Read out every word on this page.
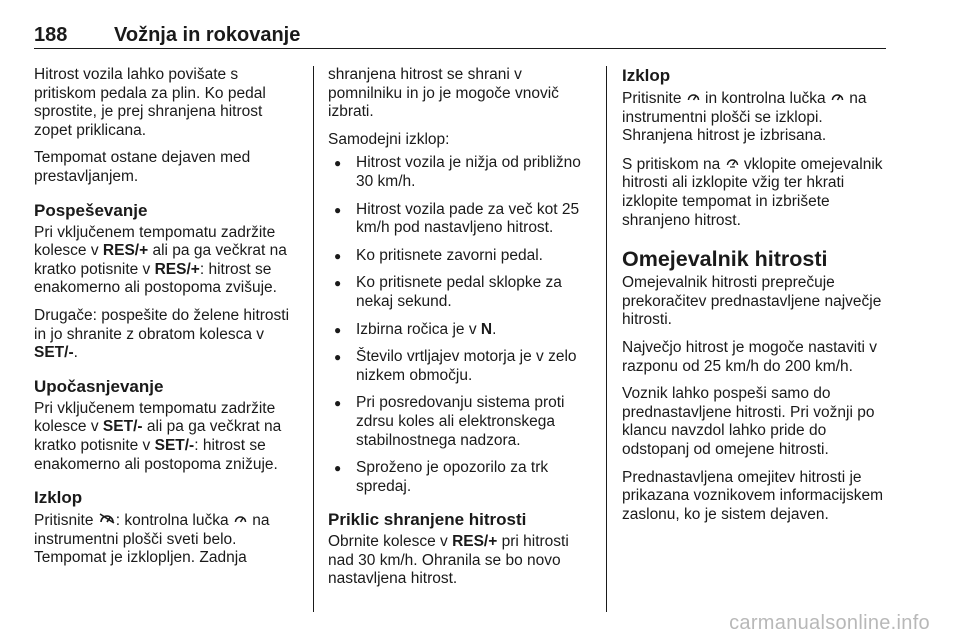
188 Vožnja in rokovanje

Hitrost vozila lahko povišate s pritiskom pedala za plin. Ko pedal sprostite, je prej shranjena hitrost zopet priklicana.

Tempomat ostane dejaven med prestavljanjem.

Pospeševanje

Pri vključenem tempomatu zadržite kolesce v RES/+ ali pa ga večkrat na kratko potisnite v RES/+: hitrost se enakomerno ali postopoma zvišuje.

Drugače: pospešite do želene hitrosti in jo shranite z obratom kolesca v SET/-.

Upočasnjevanje

Pri vključenem tempomatu zadržite kolesce v SET/- ali pa ga večkrat na kratko potisnite v SET/-: hitrost se enakomerno ali postopoma znižuje.

Izklop

Pritisnite : kontrolna lučka  na instrumentni plošči sveti belo. Tempomat je izklopljen. Zadnja

shranjena hitrost se shrani v pomnilniku in jo je mogoče vnovič izbrati.

Samodejni izklop:

● Hitrost vozila je nižja od približno 30 km/h.
● Hitrost vozila pade za več kot 25 km/h pod nastavljeno hitrost.
● Ko pritisnete zavorni pedal.
● Ko pritisnete pedal sklopke za nekaj sekund.
● Izbirna ročica je v N.
● Število vrtljajev motorja je v zelo nizkem območju.
● Pri posredovanju sistema proti zdrsu koles ali elektronskega stabilnostnega nadzora.
● Sproženo je opozorilo za trk spredaj.
Priklic shranjene hitrosti

Obrnite kolesce v RES/+ pri hitrosti nad 30 km/h. Ohranila se bo novo nastavljena hitrost.

Izklop

Pritisnite  in kontrolna lučka  na instrumentni plošči se izklopi. Shranjena hitrost je izbrisana.

S pritiskom na  vklopite omejevalnik hitrosti ali izklopite vžig ter hkrati izklopite tempomat in izbrišete shranjeno hitrost.

Omejevalnik hitrosti

Omejevalnik hitrosti preprečuje prekoračitev prednastavljene največje hitrosti.

Največjo hitrost je mogoče nastaviti v razponu od 25 km/h do 200 km/h.

Voznik lahko pospeši samo do prednastavljene hitrosti. Pri vožnji po klancu navzdol lahko pride do odstopanj od omejene hitrosti.

Prednastavljena omejitev hitrosti je prikazana voznikovem informacijskem zaslonu, ko je sistem dejaven.

carmanualsonline.info
